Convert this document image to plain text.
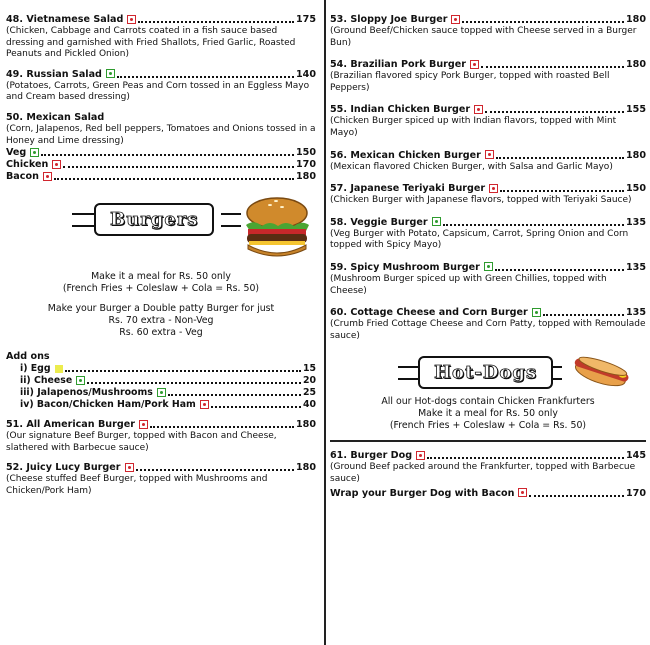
48. Vietnamese Salad	175
(Chicken, Cabbage and Carrots coated in a fish sauce based dressing and garnished with Fried Shallots, Fried Garlic, Roasted Peanuts and Pickled Onion)
49. Russian Salad	140
(Potatoes, Carrots, Green Peas and Corn tossed in an Eggless Mayo and Cream based dressing)
50. Mexican Salad
(Corn, Jalapenos, Red bell peppers, Tomatoes and Onions tossed in a Honey and Lime dressing)
Veg	150
Chicken	170
Bacon	180
Burgers
Make it a meal for Rs. 50 only
(French Fries + Coleslaw + Cola = Rs. 50)
Make your Burger a Double patty Burger for just
Rs. 70 extra - Non-Veg
Rs. 60 extra - Veg
Add ons
i) Egg	15
ii) Cheese	20
iii) Jalapenos/Mushrooms	25
iv) Bacon/Chicken Ham/Pork Ham	40
51. All American Burger	180
(Our signature Beef Burger, topped with Bacon and Cheese, slathered with Barbecue sauce)
52. Juicy Lucy Burger	180
(Cheese stuffed Beef Burger, topped with Mushrooms and Chicken/Pork Ham)
53. Sloppy Joe Burger	180
(Ground Beef/Chicken sauce topped with Cheese served in a Burger Bun)
54. Brazilian Pork Burger	180
(Brazilian flavored spicy Pork Burger, topped with roasted Bell Peppers)
55. Indian Chicken Burger	155
(Chicken Burger spiced up with Indian flavors, topped with Mint Mayo)
56. Mexican Chicken Burger	180
(Mexican flavored Chicken Burger, with Salsa and Garlic Mayo)
57. Japanese Teriyaki Burger	150
(Chicken Burger with Japanese flavors, topped with Teriyaki Sauce)
58. Veggie Burger	135
(Veg Burger with Potato, Capsicum, Carrot, Spring Onion and Corn topped with Spicy Mayo)
59. Spicy Mushroom Burger	135
(Mushroom Burger spiced up with Green Chillies, topped with Cheese)
60. Cottage Cheese and Corn Burger	135
(Crumb Fried Cottage Cheese and Corn Patty, topped with Remoulade sauce)
Hot-Dogs
All our Hot-dogs contain Chicken Frankfurters
Make it a meal for Rs. 50 only
(French Fries + Coleslaw + Cola = Rs. 50)
61. Burger Dog	145
(Ground Beef packed around the Frankfurter, topped with Barbecue sauce)
Wrap your Burger Dog with Bacon	170
